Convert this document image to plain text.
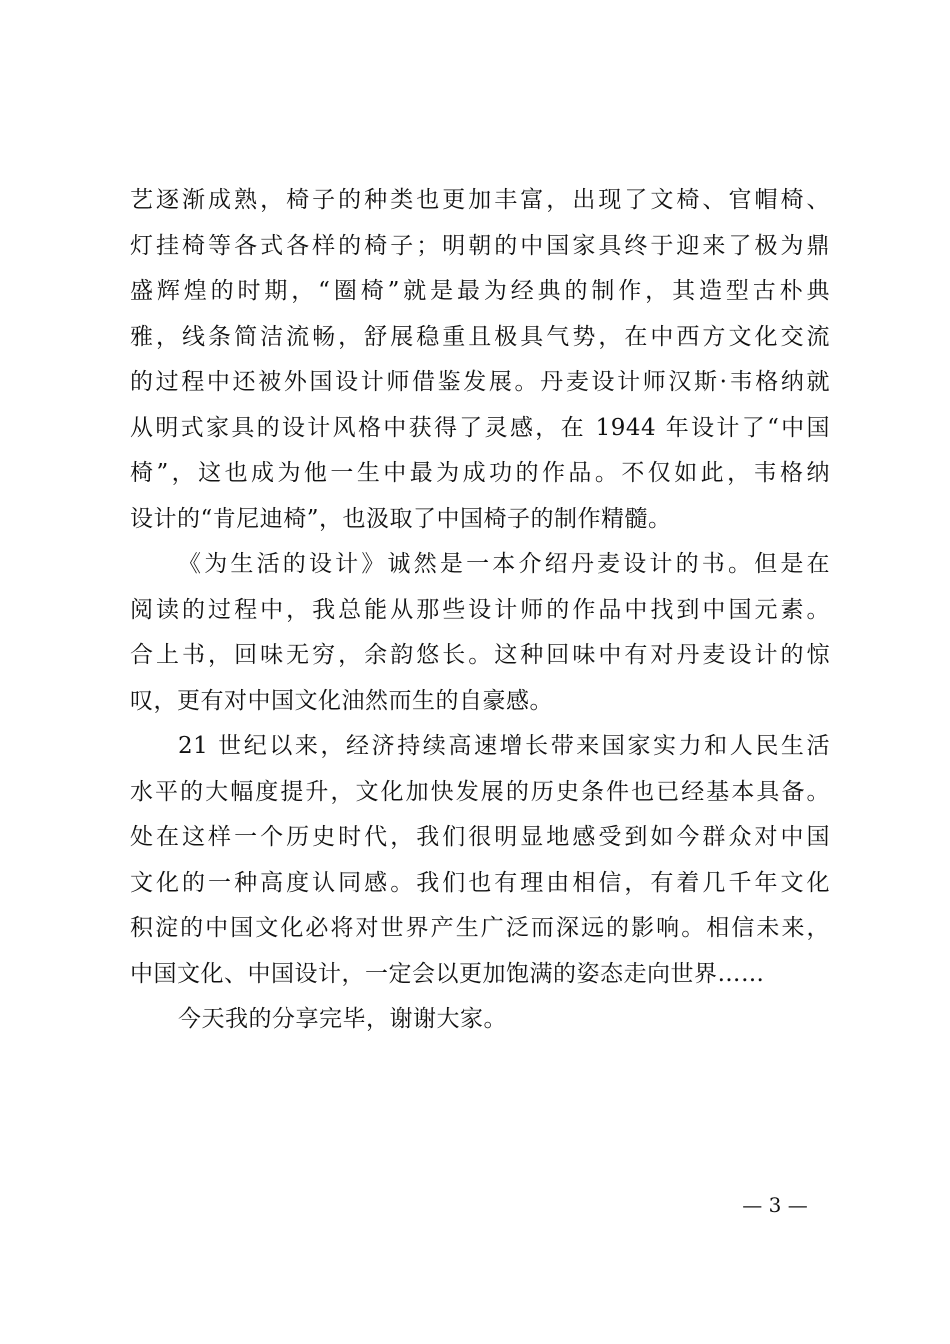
艺逐渐成熟，椅子的种类也更加丰富，出现了文椅、官帽椅、
灯挂椅等各式各样的椅子；明朝的中国家具终于迎来了极为鼎
盛辉煌的时期，“圈椅”就是最为经典的制作，其造型古朴典
雅，线条简洁流畅，舒展稳重且极具气势，在中西方文化交流
的过程中还被外国设计师借鉴发展。丹麦设计师汉斯·韦格纳就
从明式家具的设计风格中获得了灵感，在 1944 年设计了“中国
椅”，这也成为他一生中最为成功的作品。不仅如此，韦格纳
设计的“肯尼迪椅”，也汲取了中国椅子的制作精髓。
《为生活的设计》诚然是一本介绍丹麦设计的书。但是在
阅读的过程中，我总能从那些设计师的作品中找到中国元素。
合上书，回味无穷，余韵悠长。这种回味中有对丹麦设计的惊
叹，更有对中国文化油然而生的自豪感。
21 世纪以来，经济持续高速增长带来国家实力和人民生活
水平的大幅度提升，文化加快发展的历史条件也已经基本具备。
处在这样一个历史时代，我们很明显地感受到如今群众对中国
文化的一种高度认同感。我们也有理由相信，有着几千年文化
积淀的中国文化必将对世界产生广泛而深远的影响。相信未来，
中国文化、中国设计，一定会以更加饱满的姿态走向世界……
今天我的分享完毕，谢谢大家。
— 3 —
